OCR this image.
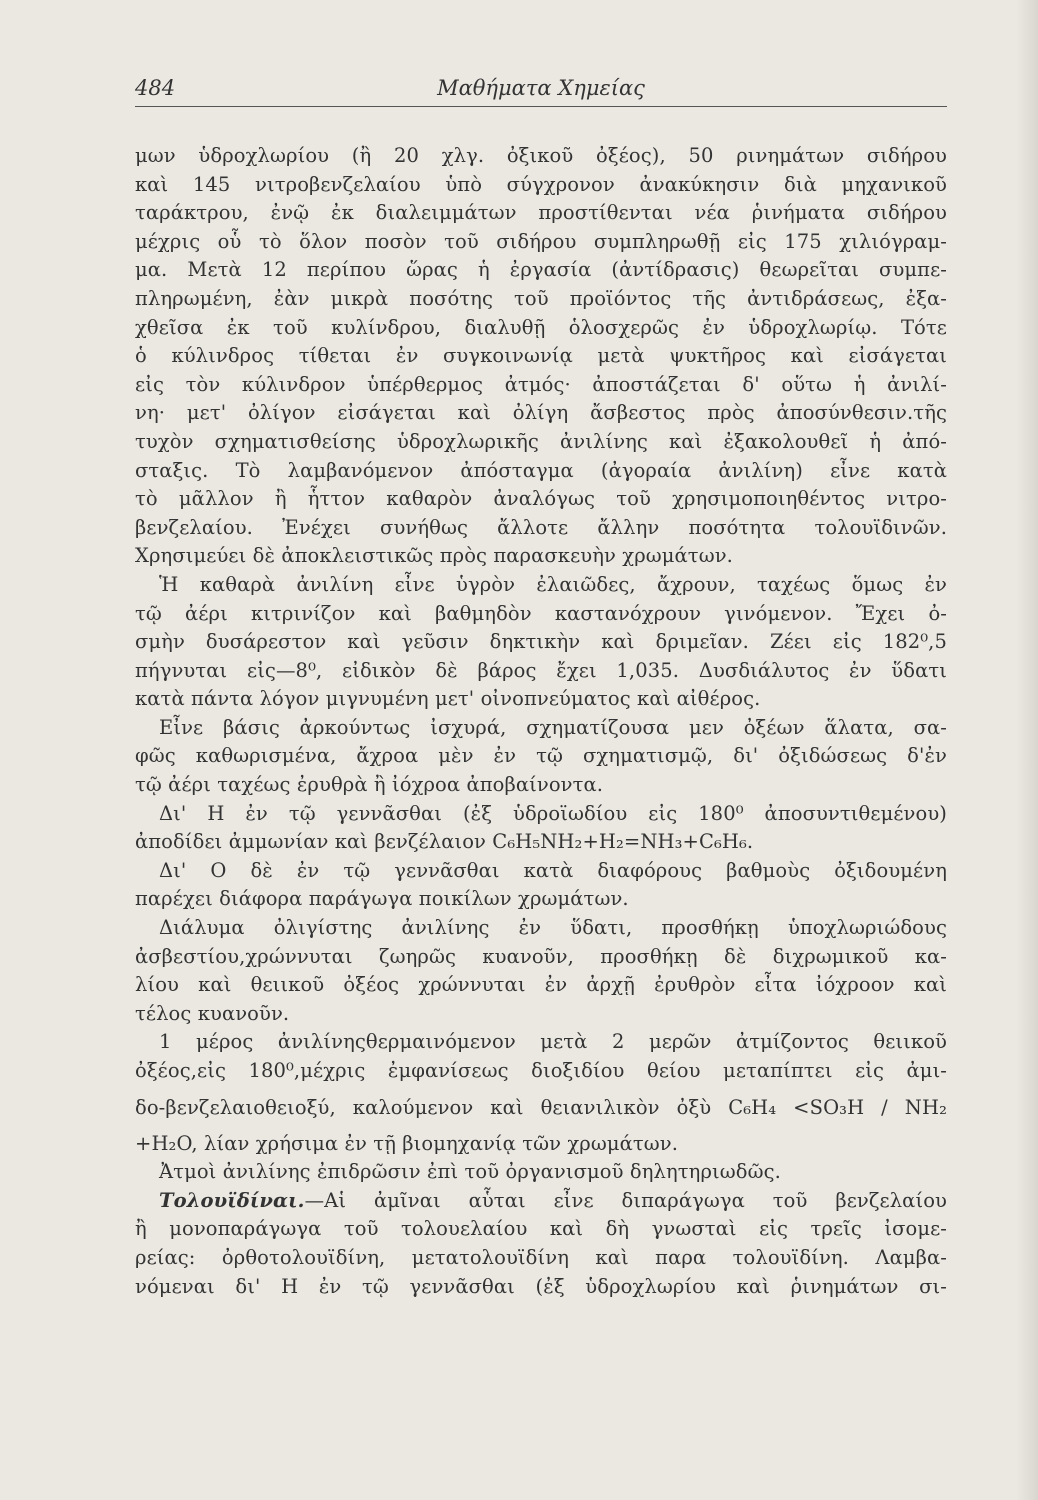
484	Μαθήματα Χημείας

μων ὑδροχλωρίου (ἢ 20 χλγ. ὀξικοῦ ὀξέος), 50 ρινημάτων σιδήρου
καὶ 145 νιτροβενζελαίου ὑπὸ σύγχρονον ἀνακύκησιν διὰ μηχανικοῦ
ταράκτρου, ἐνῷ ἐκ διαλειμμάτων προστίθενται νέα ῥινήματα σιδήρου
μέχρις οὗ τὸ ὅλον ποσὸν τοῦ σιδήρου συμπληρωθῇ εἰς 175 χιλιόγραμ-
μα. Μετὰ 12 περίπου ὥρας ἡ ἐργασία (ἀντίδρασις) θεωρεῖται συμπε-
πληρωμένη, ἐὰν μικρὰ ποσότης τοῦ προϊόντος τῆς ἀντιδράσεως, ἐξα-
χθεῖσα ἐκ τοῦ κυλίνδρου, διαλυθῇ ὁλοσχερῶς ἐν ὑδροχλωρίῳ. Τότε
ὁ κύλινδρος τίθεται ἐν συγκοινωνίᾳ μετὰ ψυκτῆρος καὶ εἰσάγεται
εἰς τὸν κύλινδρον ὑπέρθερμος ἀτμός· ἀποστάζεται δ' οὕτω ἡ ἀνιλί-
νη· μετ' ὀλίγον εἰσάγεται καὶ ὀλίγη ἄσβεστος πρὸς ἀποσύνθεσιν.τῆς
τυχὸν σχηματισθείσης ὑδροχλωρικῆς ἀνιλίνης καὶ ἐξακολουθεῖ ἡ ἀπό-
σταξις. Τὸ λαμβανόμενον ἀπόσταγμα (ἀγοραία ἀνιλίνη) εἶνε κατὰ
τὸ μᾶλλον ἢ ἧττον καθαρὸν ἀναλόγως τοῦ χρησιμοποιηθέντος νιτρο-
βενζελαίου. Ἐνέχει συνήθως ἄλλοτε ἄλλην ποσότητα τολουϊδινῶν.
Χρησιμεύει δὲ ἀποκλειστικῶς πρὸς παρασκευὴν χρωμάτων.

Ἡ καθαρὰ ἀνιλίνη εἶνε ὑγρὸν ἐλαιῶδες, ἄχρουν, ταχέως ὅμως ἐν
τῷ ἀέρι κιτρινίζον καὶ βαθμηδὸν καστανόχρουν γινόμενον. Ἔχει ὀ-
σμὴν δυσάρεστον καὶ γεῦσιν δηκτικὴν καὶ δριμεῖαν. Ζέει εἰς 182⁰,5
πήγνυται εἰς—8⁰, εἰδικὸν δὲ βάρος ἔχει 1,035. Δυσδιάλυτος ἐν ὕδατι
κατὰ πάντα λόγον μιγνυμένη μετ' οἰνοπνεύματος καὶ αἰθέρος.

Εἶνε βάσις ἀρκούντως ἰσχυρά, σχηματίζουσα μεν ὀξέων ἅλατα, σα-
φῶς καθωρισμένα, ἄχροα μὲν ἐν τῷ σχηματισμῷ, δι' ὀξιδώσεως δ'ἐν
τῷ ἀέρι ταχέως ἐρυθρὰ ἢ ἰόχροα ἀποβαίνοντα.

Δι' Η ἐν τῷ γεννᾶσθαι (ἐξ ὑδροϊωδίου εἰς 180⁰ ἀποσυντιθεμένου)
ἀποδίδει ἀμμωνίαν καὶ βενζέλαιον C₆H₅NH₂+H₂=NH₃+C₆H₆.

Δι' Ο δὲ ἐν τῷ γεννᾶσθαι κατὰ διαφόρους βαθμοὺς ὀξιδουμένη
παρέχει διάφορα παράγωγα ποικίλων χρωμάτων.

Διάλυμα ὀλιγίστης ἀνιλίνης ἐν ὕδατι, προσθήκῃ ὑποχλωριώδους
ἀσβεστίου,χρώννυται ζωηρῶς κυανοῦν, προσθήκῃ δὲ διχρωμικοῦ κα-
λίου καὶ θειικοῦ ὀξέος χρώννυται ἐν ἀρχῇ ἐρυθρὸν εἶτα ἰόχροον καὶ
τέλος κυανοῦν.

1 μέρος ἀνιλίνηςθερμαινόμενον μετὰ 2 μερῶν ἀτμίζοντος θειικοῦ
ὀξέος,εἰς 180⁰,μέχρις ἐμφανίσεως διοξιδίου θείου μεταπίπτει εἰς ἀμι-
δο-βενζελαιοθειοξύ, καλούμενον καὶ θειανιλικὸν ὀξὺ C₆H₄ <SO₃H / NH₂
+H₂O, λίαν χρήσιμα ἐν τῇ βιομηχανίᾳ τῶν χρωμάτων.

Ἀτμοὶ ἀνιλίνης ἐπιδρῶσιν ἐπὶ τοῦ ὀργανισμοῦ δηλητηριωδῶς.

Τολουϊδίναι.—Αἱ ἀμῖναι αὗται εἶνε διπαράγωγα τοῦ βενζελαίου
ἢ μονοπαράγωγα τοῦ τολουελαίου καὶ δὴ γνωσταὶ εἰς τρεῖς ἰσομε-
ρείας: ὀρθοτολουϊδίνη, μετατολουϊδίνη καὶ παρα τολουϊδίνη. Λαμβα-
νόμεναι δι' Η ἐν τῷ γεννᾶσθαι (ἐξ ὑδροχλωρίου καὶ ῥινημάτων σι-
